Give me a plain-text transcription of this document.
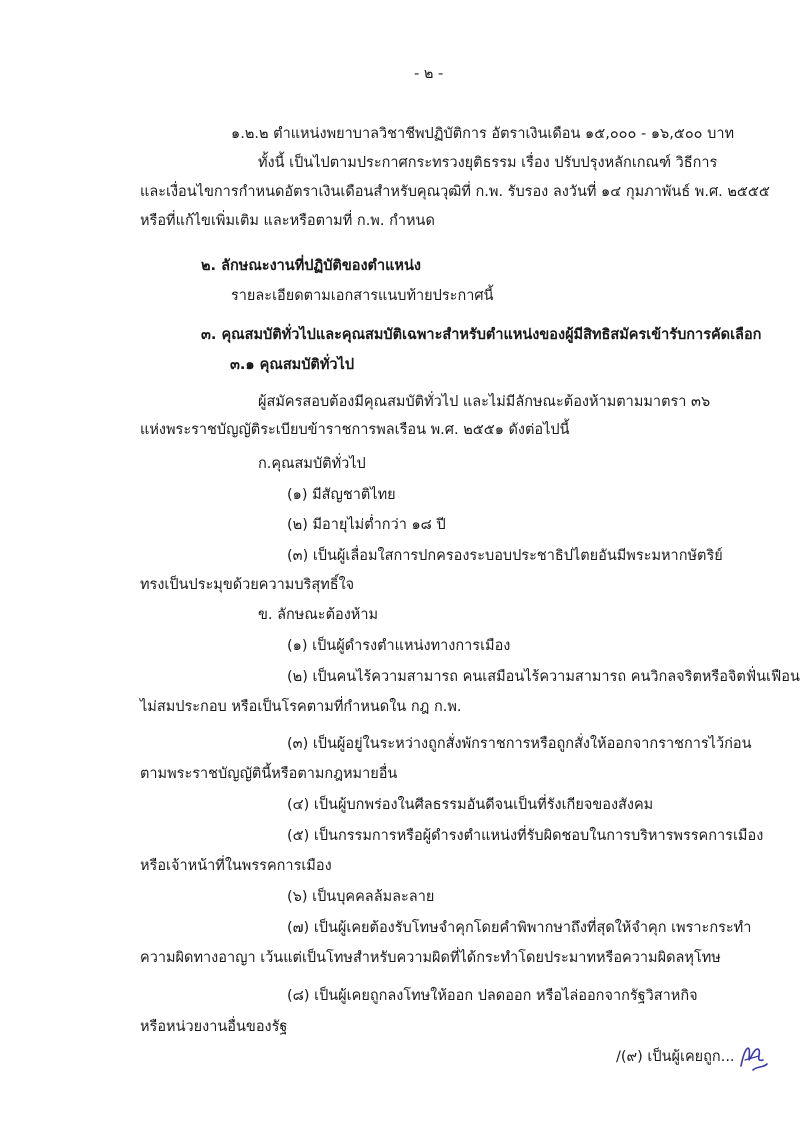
- ๒ -
๑.๒.๒ ตำแหน่งพยาบาลวิชาชีพปฏิบัติการ อัตราเงินเดือน ๑๕,๐๐๐ - ๑๖,๕๐๐ บาท
ทั้งนี้ เป็นไปตามประกาศกระทรวงยุติธรรม เรื่อง ปรับปรุงหลักเกณฑ์ วิธีการ
และเงื่อนไขการกำหนดอัตราเงินเดือนสำหรับคุณวุฒิที่ ก.พ. รับรอง ลงวันที่ ๑๔ กุมภาพันธ์ พ.ศ. ๒๕๕๕
หรือที่แก้ไขเพิ่มเติม และหรือตามที่ ก.พ. กำหนด
๒. ลักษณะงานที่ปฏิบัติของตำแหน่ง
รายละเอียดตามเอกสารแนบท้ายประกาศนี้
๓. คุณสมบัติทั่วไปและคุณสมบัติเฉพาะสำหรับตำแหน่งของผู้มีสิทธิสมัครเข้ารับการคัดเลือก
๓.๑ คุณสมบัติทั่วไป
ผู้สมัครสอบต้องมีคุณสมบัติทั่วไป และไม่มีลักษณะต้องห้ามตามมาตรา ๓๖
แห่งพระราชบัญญัติระเบียบข้าราชการพลเรือน พ.ศ. ๒๕๕๑ ดังต่อไปนี้
ก.คุณสมบัติทั่วไป
(๑) มีสัญชาติไทย
(๒) มีอายุไม่ต่ำกว่า ๑๘ ปี
(๓) เป็นผู้เลื่อมใสการปกครองระบอบประชาธิปไตยอันมีพระมหากษัตริย์
ทรงเป็นประมุขด้วยความบริสุทธิ์ใจ
ข. ลักษณะต้องห้าม
(๑) เป็นผู้ดำรงตำแหน่งทางการเมือง
(๒) เป็นคนไร้ความสามารถ คนเสมือนไร้ความสามารถ คนวิกลจริตหรือจิตฟั่นเฟือน
ไม่สมประกอบ หรือเป็นโรคตามที่กำหนดใน กฎ ก.พ.
(๓) เป็นผู้อยู่ในระหว่างถูกสั่งพักราชการหรือถูกสั่งให้ออกจากราชการไว้ก่อน
ตามพระราชบัญญัตินี้หรือตามกฎหมายอื่น
(๔) เป็นผู้บกพร่องในศีลธรรมอันดีจนเป็นที่รังเกียจของสังคม
(๕) เป็นกรรมการหรือผู้ดำรงตำแหน่งที่รับผิดชอบในการบริหารพรรคการเมือง
หรือเจ้าหน้าที่ในพรรคการเมือง
(๖) เป็นบุคคลล้มละลาย
(๗) เป็นผู้เคยต้องรับโทษจำคุกโดยคำพิพากษาถึงที่สุดให้จำคุก เพราะกระทำ
ความผิดทางอาญา เว้นแต่เป็นโทษสำหรับความผิดที่ได้กระทำโดยประมาทหรือความผิดลหุโทษ
(๘) เป็นผู้เคยถูกลงโทษให้ออก ปลดออก หรือไล่ออกจากรัฐวิสาหกิจ
หรือหน่วยงานอื่นของรัฐ
/(๙) เป็นผู้เคยถูก...
